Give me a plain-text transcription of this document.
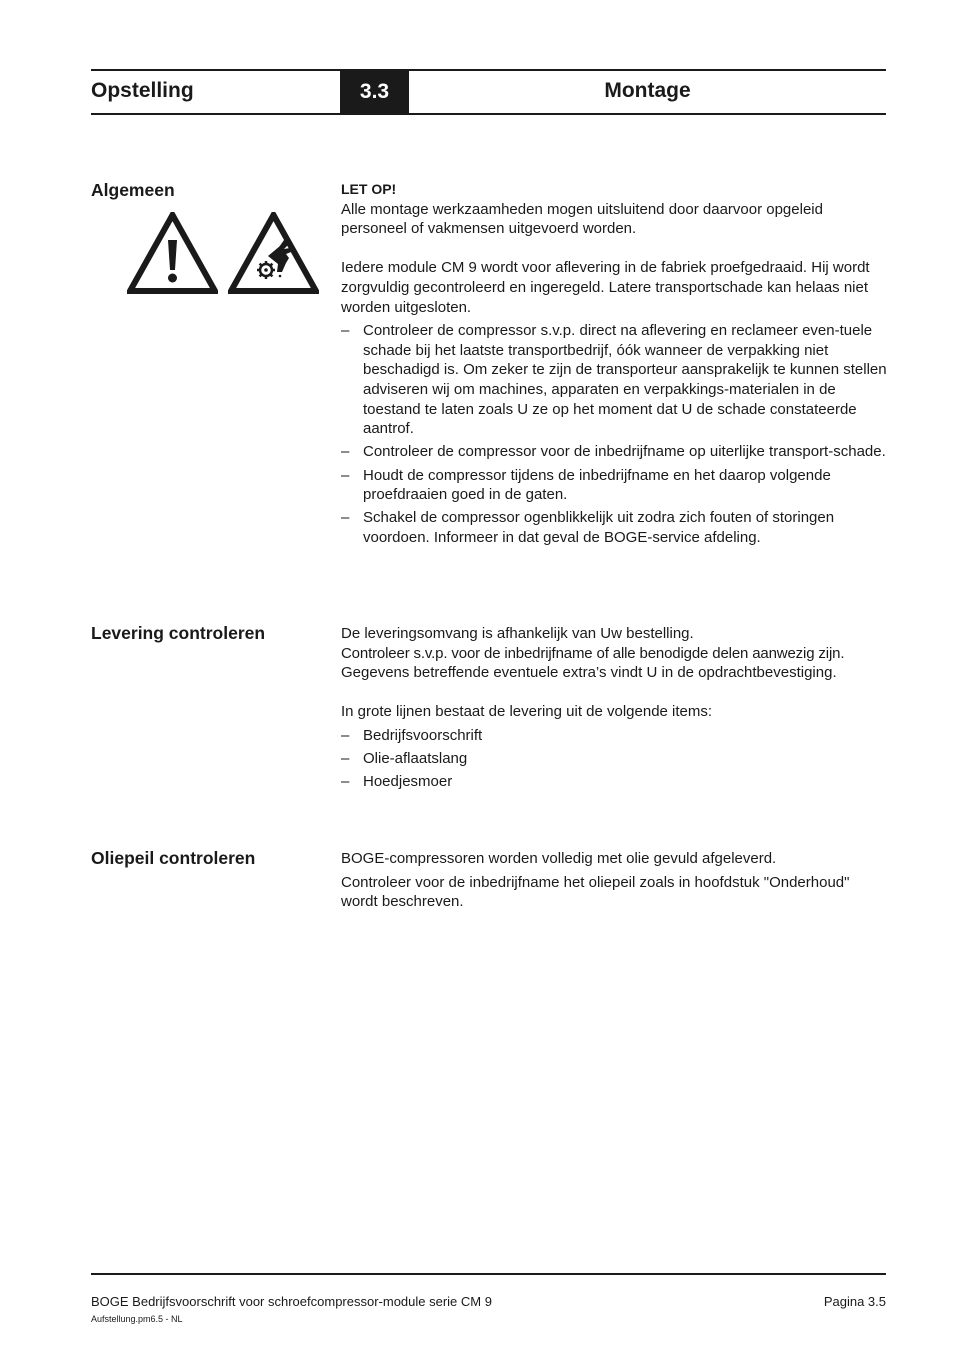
Opstelling	3.3	Montage
Algemeen	LET OP!

Alle montage werkzaamheden mogen uitsluitend door daarvoor opgeleid personeel of vakmensen uitgevoerd worden.

Iedere module CM 9 wordt voor aflevering in de fabriek proefgedraaid. Hij wordt zorgvuldig gecontroleerd en ingeregeld. Latere transportschade kan helaas niet worden uitgesloten.

– Controleer de compressor s.v.p. direct na aflevering en reclameer even-tuele schade bij het laatste transportbedrijf, óók wanneer de verpakking niet beschadigd is. Om zeker te zijn de transporteur aansprakelijk te kunnen stellen adviseren wij om machines, apparaten en verpakkings-materialen in de toestand te laten zoals U ze op het moment dat U de schade constateerde aantrof.
– Controleer de compressor voor de inbedrijfname op uiterlijke transport-schade.
– Houdt de compressor tijdens de inbedrijfname en het daarop volgende proefdraaien goed in de gaten.
– Schakel de compressor ogenblikkelijk uit zodra zich fouten of storingen voordoen. Informeer in dat geval de BOGE-service afdeling.
Levering controleren	De leveringsomvang is afhankelijk van Uw bestelling.

Controleer s.v.p. voor de inbedrijfname of alle benodigde delen aanwezig zijn.

Gegevens betreffende eventuele extra’s vindt U in de opdrachtbevestiging.

In grote lijnen bestaat de levering uit de volgende items:

– Bedrijfsvoorschrift
– Olie-aflaatslang
– Hoedjesmoer
Oliepeil controleren	BOGE-compressoren worden volledig met olie gevuld afgeleverd.

Controleer voor de inbedrijfname het oliepeil zoals in hoofdstuk "Onderhoud" wordt beschreven.

BOGE Bedrijfsvoorschrift voor schroefcompressor-module serie CM 9	Pagina 3.5
Aufstellung.pm6.5 - NL
